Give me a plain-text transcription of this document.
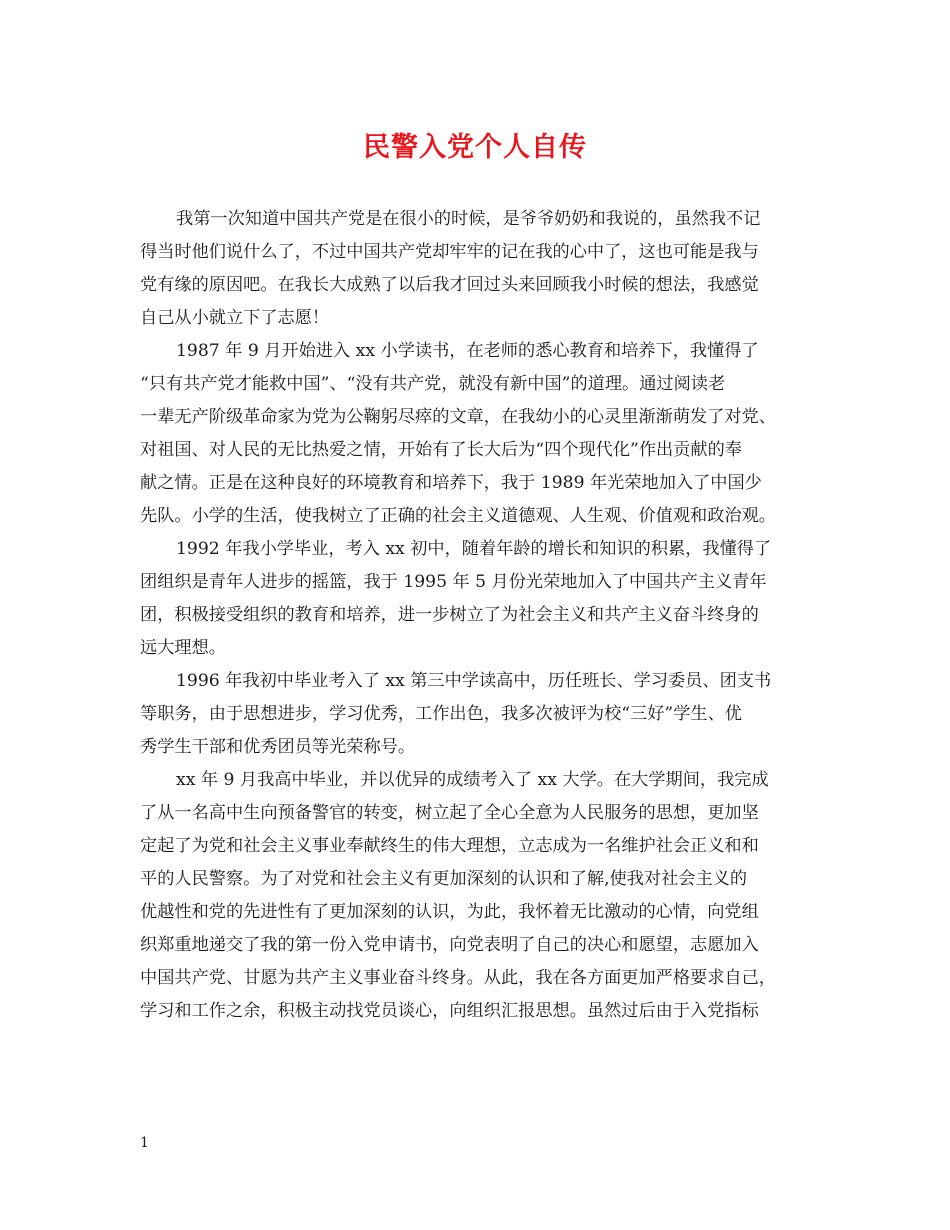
民警入党个人自传
我第一次知道中国共产党是在很小的时候，是爷爷奶奶和我说的，虽然我不记
得当时他们说什么了，不过中国共产党却牢牢的记在我的心中了，这也可能是我与
党有缘的原因吧。在我长大成熟了以后我才回过头来回顾我小时候的想法，我感觉
自己从小就立下了志愿！
1987 年 9 月开始进入 xx 小学读书，在老师的悉心教育和培养下，我懂得了
“只有共产党才能救中国”、“没有共产党，就没有新中国”的道理。通过阅读老
一辈无产阶级革命家为党为公鞠躬尽瘁的文章，在我幼小的心灵里渐渐萌发了对党、
对祖国、对人民的无比热爱之情，开始有了长大后为“四个现代化”作出贡献的奉
献之情。正是在这种良好的环境教育和培养下，我于 1989 年光荣地加入了中国少
先队。小学的生活，使我树立了正确的社会主义道德观、人生观、价值观和政治观。
1992 年我小学毕业，考入 xx 初中，随着年龄的增长和知识的积累，我懂得了
团组织是青年人进步的摇篮，我于 1995 年 5 月份光荣地加入了中国共产主义青年
团，积极接受组织的教育和培养，进一步树立了为社会主义和共产主义奋斗终身的
远大理想。
1996 年我初中毕业考入了 xx 第三中学读高中，历任班长、学习委员、团支书
等职务，由于思想进步，学习优秀，工作出色，我多次被评为校“三好”学生、优
秀学生干部和优秀团员等光荣称号。
xx 年 9 月我高中毕业，并以优异的成绩考入了 xx 大学。在大学期间，我完成
了从一名高中生向预备警官的转变，树立起了全心全意为人民服务的思想，更加坚
定起了为党和社会主义事业奉献终生的伟大理想，立志成为一名维护社会正义和和
平的人民警察。为了对党和社会主义有更加深刻的认识和了解,使我对社会主义的
优越性和党的先进性有了更加深刻的认识，为此，我怀着无比激动的心情，向党组
织郑重地递交了我的第一份入党申请书，向党表明了自己的决心和愿望，志愿加入
中国共产党、甘愿为共产主义事业奋斗终身。从此，我在各方面更加严格要求自己，
学习和工作之余，积极主动找党员谈心，向组织汇报思想。虽然过后由于入党指标
1
